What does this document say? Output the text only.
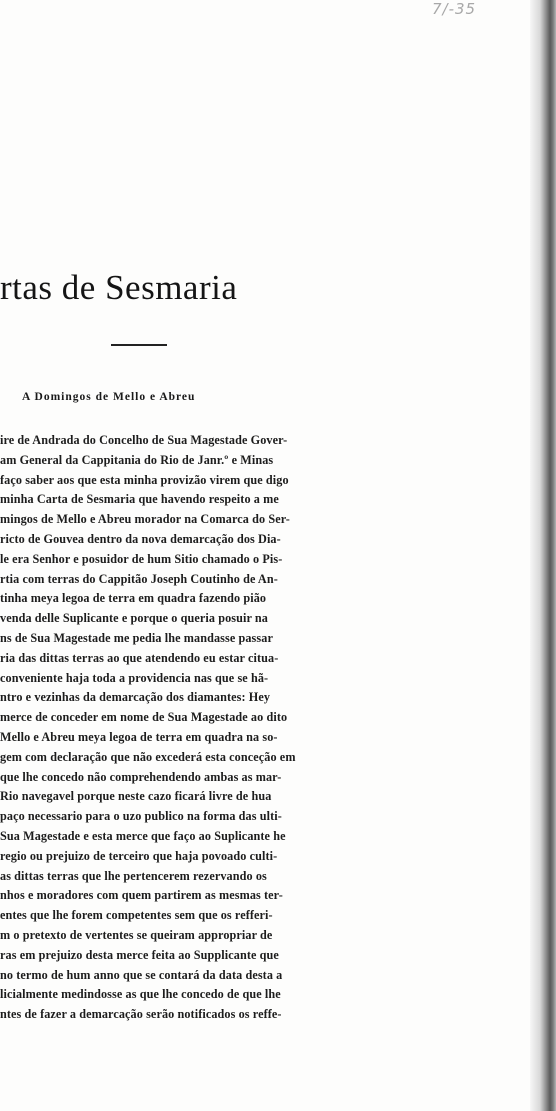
7/-35
rtas de Sesmaria
A Domingos de Mello e Abreu
ire de Andrada do Concelho de Sua Magestade Gover-
am General da Cappitania do Rio de Janr.º e Minas
faço saber aos que esta minha provizão virem que digo
minha Carta de Sesmaria que havendo respeito a me
mingos de Mello e Abreu morador na Comarca do Ser-
ricto de Gouvea dentro da nova demarcação dos Dia-
le era Senhor e posuidor de hum Sitio chamado o Pis-
rtia com terras do Cappitão Joseph Coutinho de An-
tinha meya legoa de terra em quadra fazendo pião
venda delle Suplicante e porque o queria posuir na
ns de Sua Magestade me pedia lhe mandasse passar
ria das dittas terras ao que atendendo eu estar citua-
conveniente haja toda a providencia nas que se hã-
ntro e vezinhas da demarcação dos diamantes: Hey
merce de conceder em nome de Sua Magestade ao dito
Mello e Abreu meya legoa de terra em quadra na so-
gem com declaração que não excederá esta conceção em
que lhe concedo não comprehendendo ambas as mar-
Rio navegavel porque neste cazo ficará livre de hua
paço necessario para o uzo publico na forma das ulti-
Sua Magestade e esta merce que faço ao Suplicante he
regio ou prejuizo de terceiro que haja povoado culti-
as dittas terras que lhe pertencerem rezervando os
nhos e moradores com quem partirem as mesmas ter-
entes que lhe forem competentes sem que os refferi-
m o pretexto de vertentes se queiram appropriar de
ras em prejuizo desta merce feita ao Supplicante que
no termo de hum anno que se contará da data desta a
licialmente medindosse as que lhe concedo de que lhe
ntes de fazer a demarcação serão notificados os reffe-
